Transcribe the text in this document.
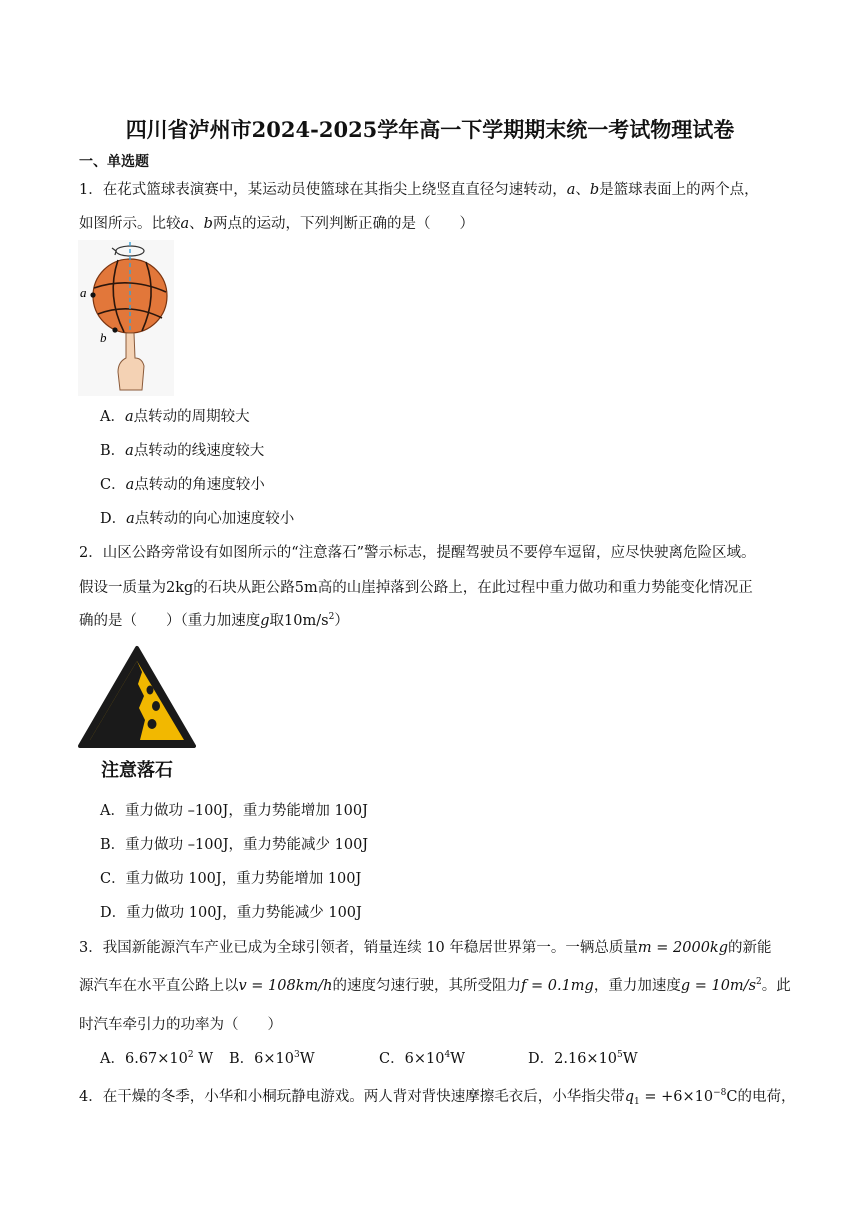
四川省泸州市2024-2025学年高一下学期期末统一考试物理试卷
一、单选题
1．在花式篮球表演赛中，某运动员使篮球在其指尖上绕竖直直径匀速转动，a、b是篮球表面上的两个点，
如图所示。比较a、b两点的运动，下列判断正确的是（　　）
a
b
A．a点转动的周期较大
B．a点转动的线速度较大
C．a点转动的角速度较小
D．a点转动的向心加速度较小
2．山区公路旁常设有如图所示的“注意落石”警示标志，提醒驾驶员不要停车逗留，应尽快驶离危险区域。
假设一质量为2kg的石块从距公路5m高的山崖掉落到公路上，在此过程中重力做功和重力势能变化情况正
确的是（　　）（重力加速度g取$10m/s^2$）
注意落石
A．重力做功 –100J，重力势能增加 100J
B．重力做功 –100J，重力势能减少 100J
C．重力做功 100J，重力势能增加 100J
D．重力做功 100J，重力势能减少 100J
3．我国新能源汽车产业已成为全球引领者，销量连续 10 年稳居世界第一。一辆总质量m = 2000kg的新能
源汽车在水平直公路上以v = 108km/h的速度匀速行驶，其所受阻力f = 0.1mg，重力加速度$g = 10m/s^2$。此
时汽车牵引力的功率为（　　）
A．$6.67\times 10^2$ W B．$6\times 10^3W$	C．$6\times 10^4W$	D．$2.16\times 10^5W$
4．在干燥的冬季，小华和小桐玩静电游戏。两人背对背快速摩擦毛衣后，小华指尖带$q_1 = +6\times 10^{-8}C$的电荷，
